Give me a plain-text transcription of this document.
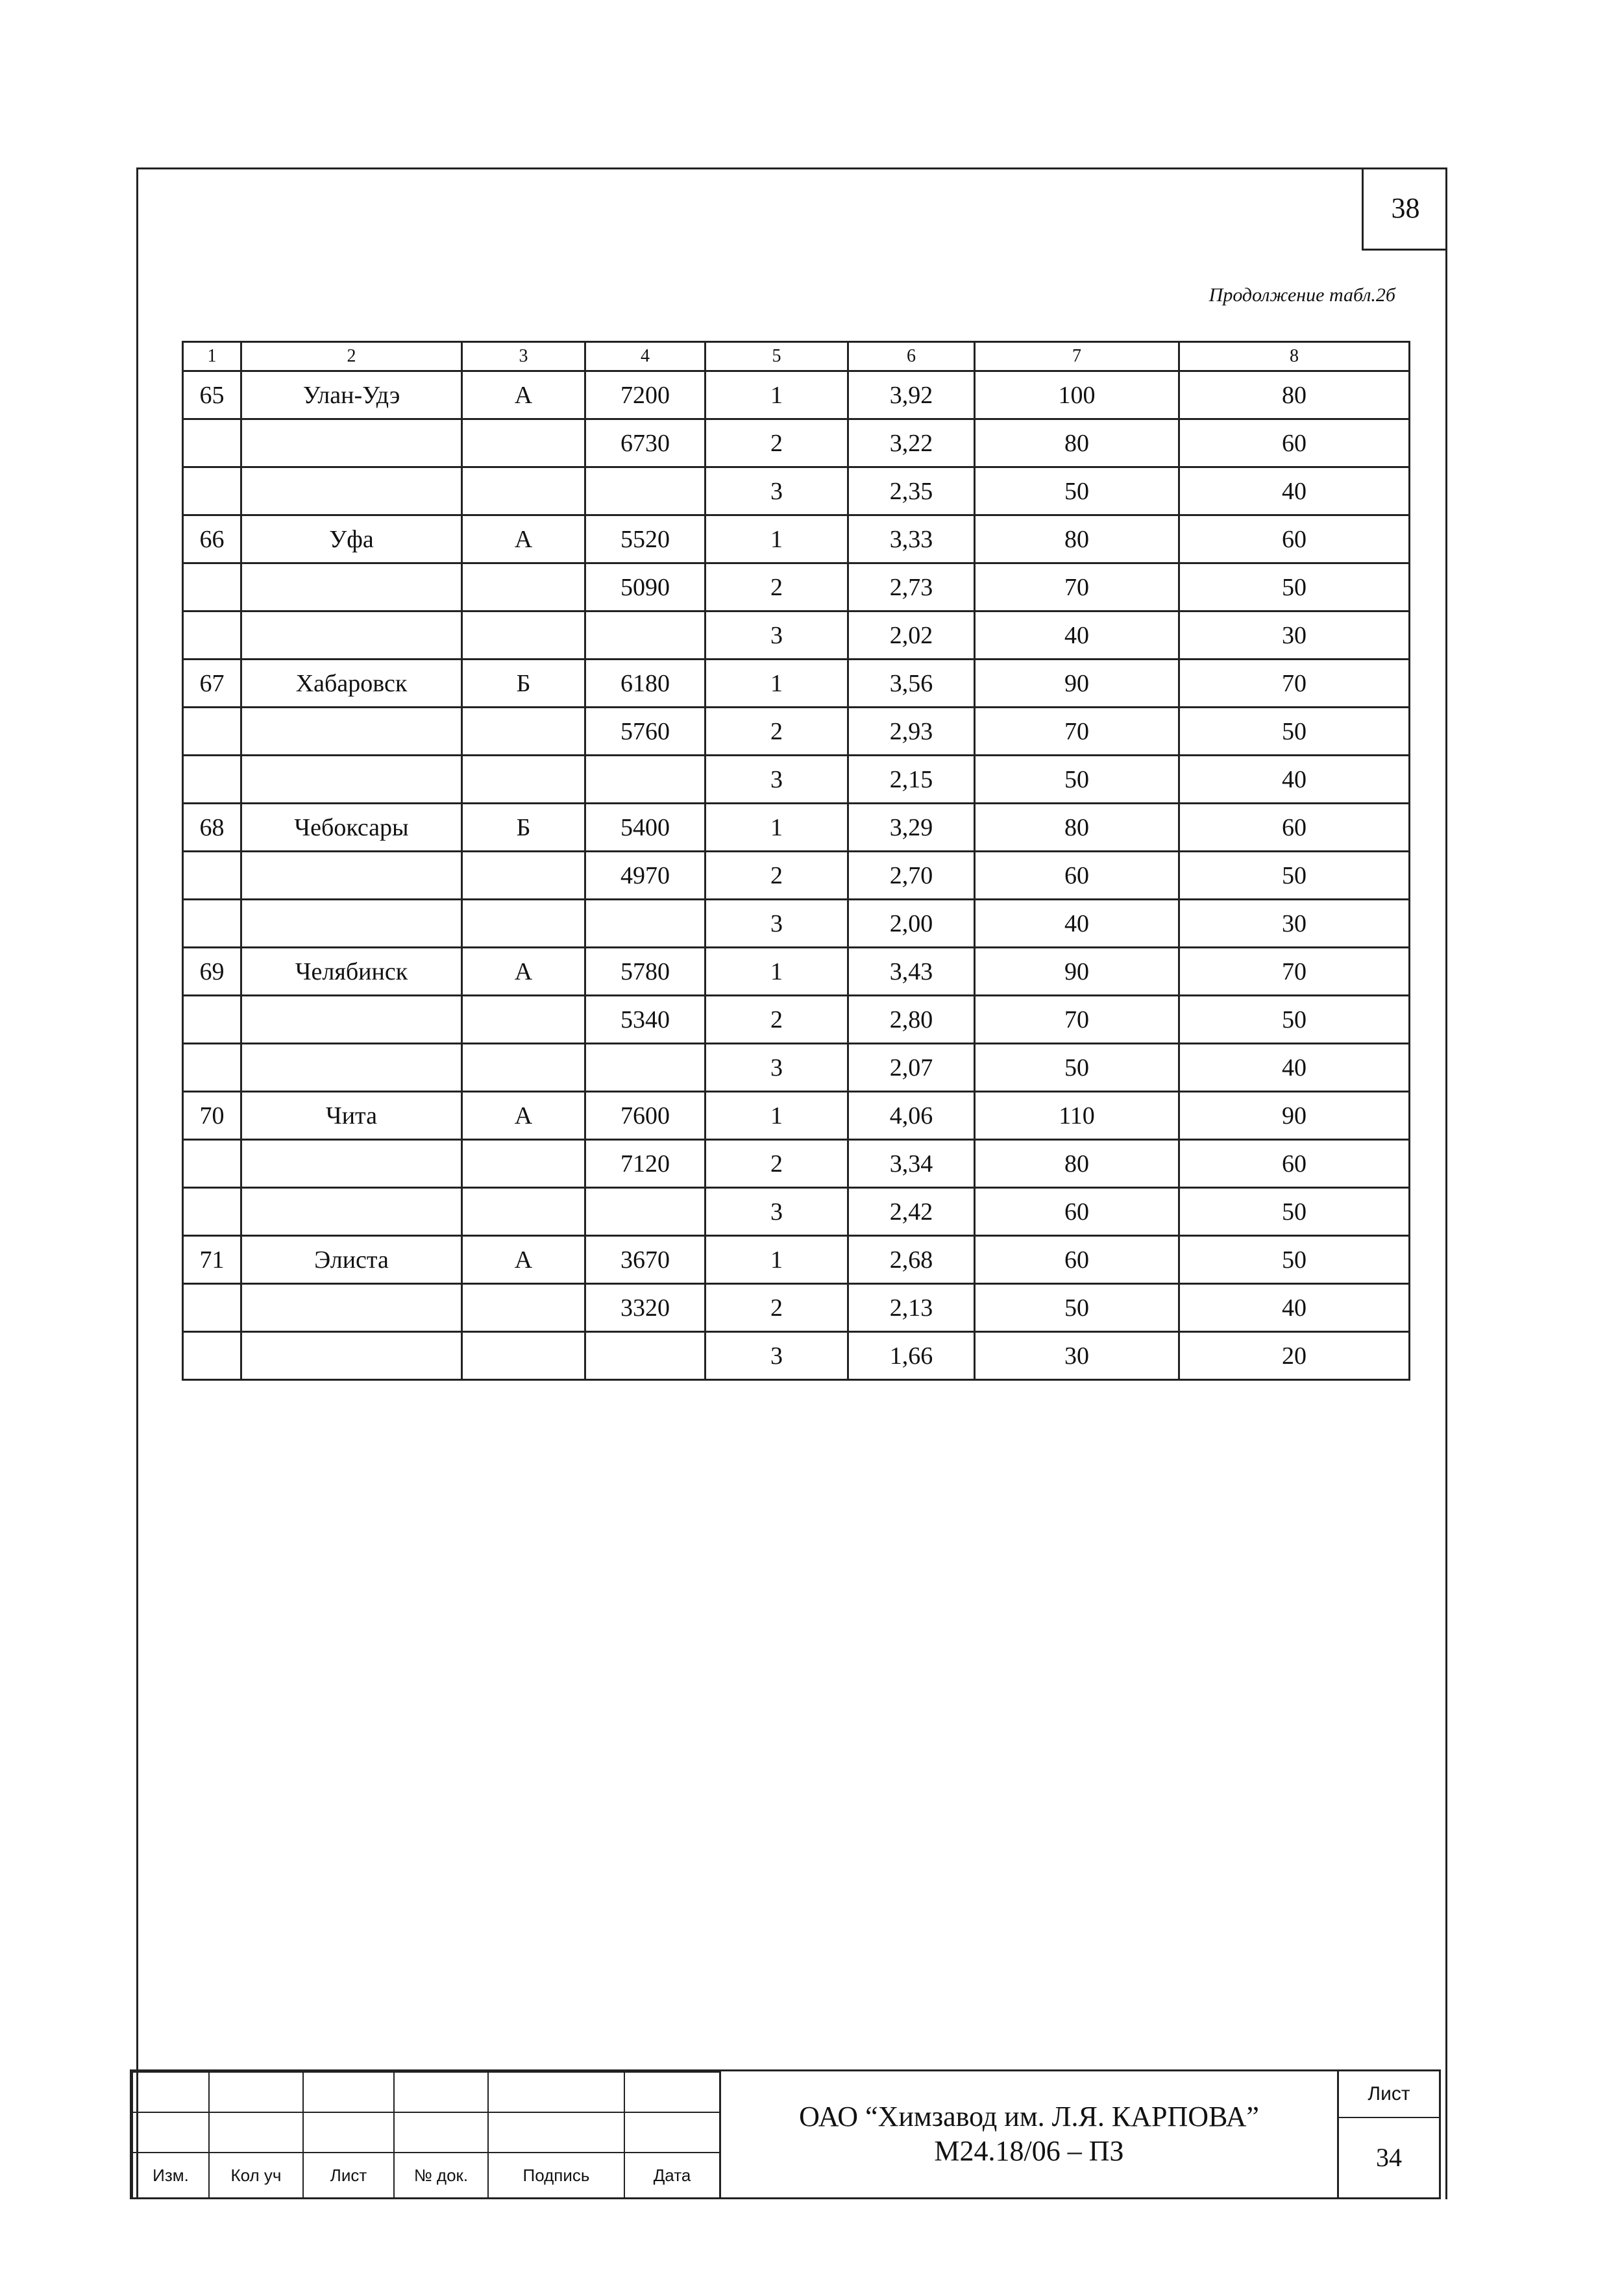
38
Продолжение табл.2б
1	2	3	4	5	6	7	8
65	Улан-Удэ	А	7200	1	3,92	100	80
			6730	2	3,22	80	60
				3	2,35	50	40
66	Уфа	А	5520	1	3,33	80	60
			5090	2	2,73	70	50
				3	2,02	40	30
67	Хабаровск	Б	6180	1	3,56	90	70
			5760	2	2,93	70	50
				3	2,15	50	40
68	Чебоксары	Б	5400	1	3,29	80	60
			4970	2	2,70	60	50
				3	2,00	40	30
69	Челябинск	А	5780	1	3,43	90	70
			5340	2	2,80	70	50
				3	2,07	50	40
70	Чита	А	7600	1	4,06	110	90
			7120	2	3,34	80	60
				3	2,42	60	50
71	Элиста	А	3670	1	2,68	60	50
			3320	2	2,13	50	40
				3	1,66	30	20

Изм.	Кол уч	Лист	№ док.	Подпись	Дата
ОАО “Химзавод им. Л.Я. КАРПОВА”
М24.18/06 – ПЗ
Лист
34
